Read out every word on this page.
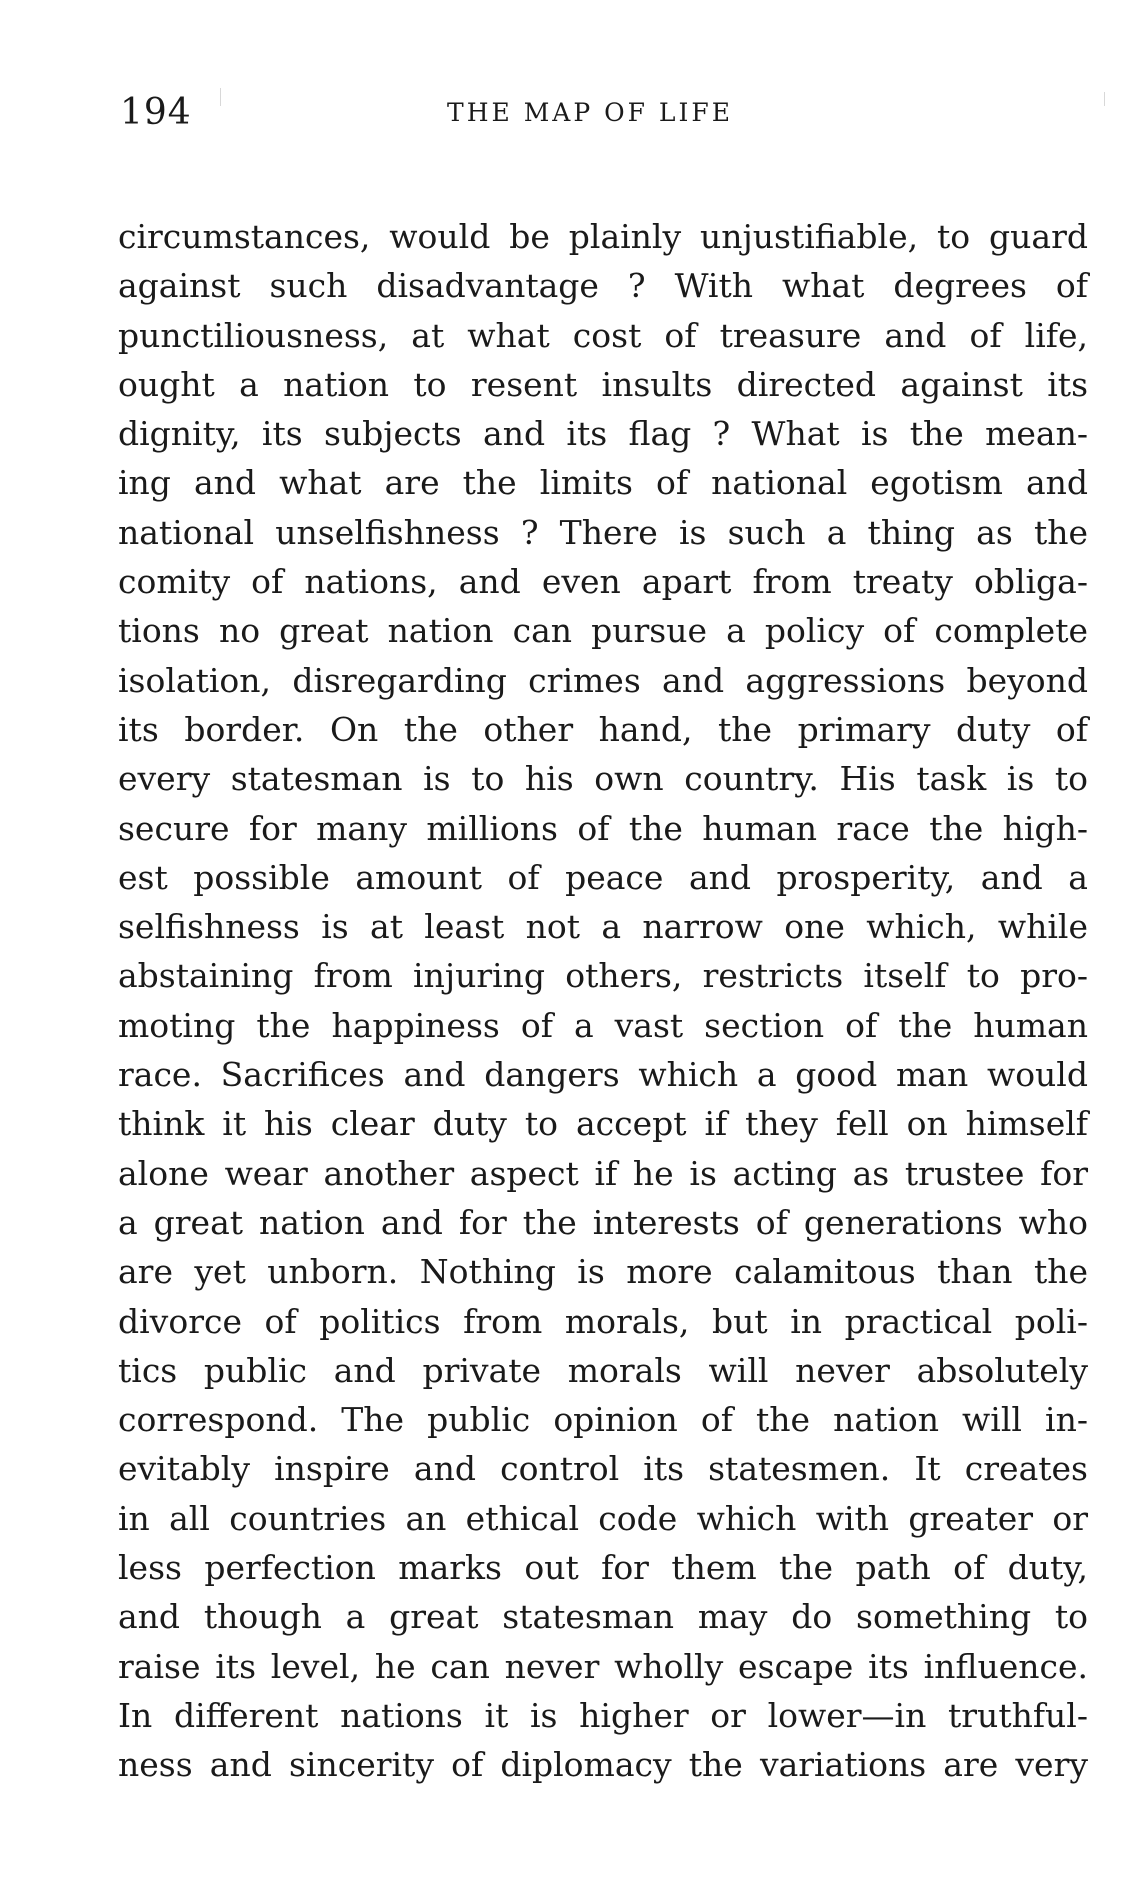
194	THE MAP OF LIFE
circumstances, would be plainly unjustifiable, to guard
against such disadvantage ? With what degrees of
punctiliousness, at what cost of treasure and of life,
ought a nation to resent insults directed against its
dignity, its subjects and its flag ? What is the mean-
ing and what are the limits of national egotism and
national unselfishness ? There is such a thing as the
comity of nations, and even apart from treaty obliga-
tions no great nation can pursue a policy of complete
isolation, disregarding crimes and aggressions beyond
its border. On the other hand, the primary duty of
every statesman is to his own country. His task is to
secure for many millions of the human race the high-
est possible amount of peace and prosperity, and a
selfishness is at least not a narrow one which, while
abstaining from injuring others, restricts itself to pro-
moting the happiness of a vast section of the human
race. Sacrifices and dangers which a good man would
think it his clear duty to accept if they fell on himself
alone wear another aspect if he is acting as trustee for
a great nation and for the interests of generations who
are yet unborn. Nothing is more calamitous than the
divorce of politics from morals, but in practical poli-
tics public and private morals will never absolutely
correspond. The public opinion of the nation will in-
evitably inspire and control its statesmen. It creates
in all countries an ethical code which with greater or
less perfection marks out for them the path of duty,
and though a great statesman may do something to
raise its level, he can never wholly escape its influence.
In different nations it is higher or lower—in truthful-
ness and sincerity of diplomacy the variations are very
